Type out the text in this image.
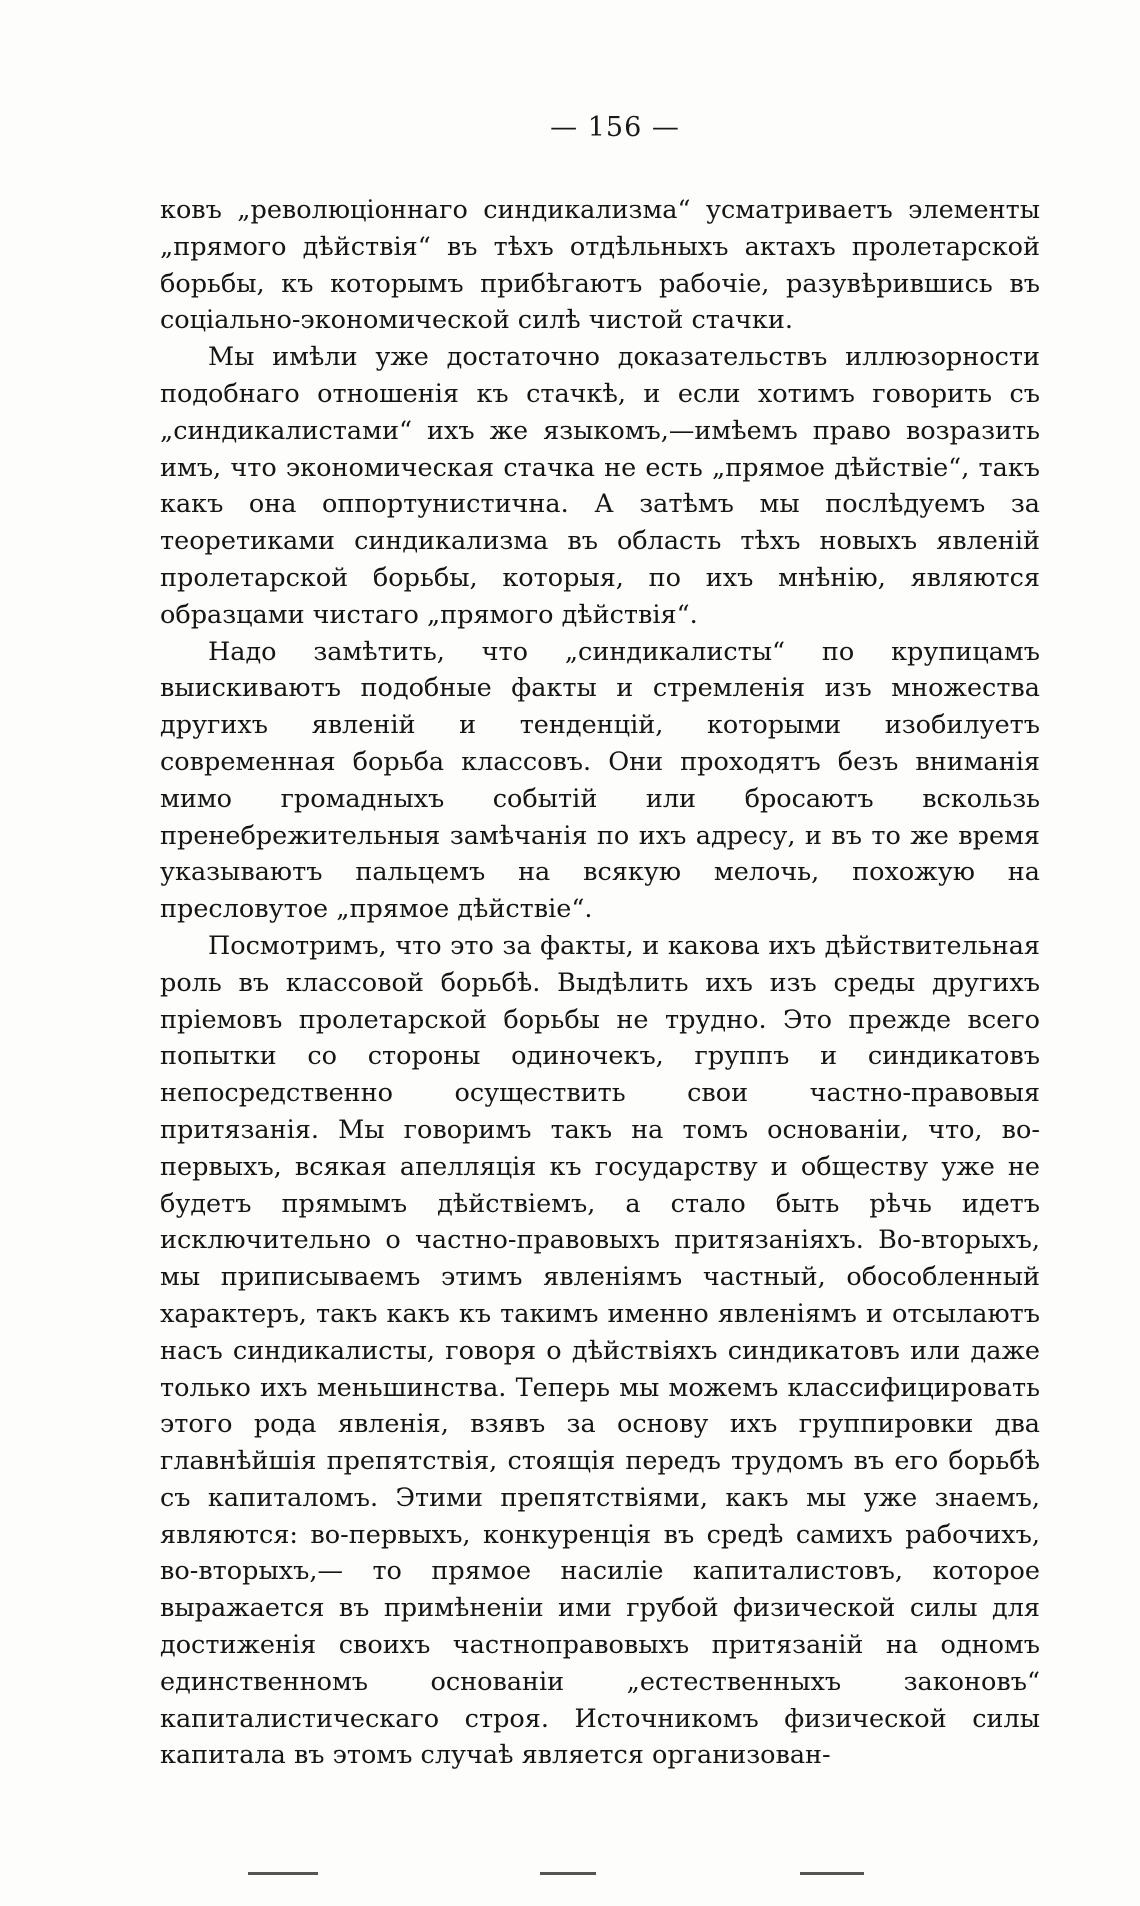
— 156 —

ковъ „революціоннаго синдикализма“ усматриваетъ элементы „прямого дѣйствія“ въ тѣхъ отдѣльныхъ актахъ пролетарской борьбы, къ которымъ прибѣгаютъ рабочіе, разувѣрившись въ соціально-экономической силѣ чистой стачки.

Мы имѣли уже достаточно доказательствъ иллюзорности подобнаго отношенія къ стачкѣ, и если хотимъ говорить съ „синдикалистами“ ихъ же языкомъ,—имѣемъ право возразить имъ, что экономическая стачка не есть „прямое дѣйствіе“, такъ какъ она оппортунистична. А затѣмъ мы послѣдуемъ за теоретиками синдикализма въ область тѣхъ новыхъ явленій пролетарской борьбы, которыя, по ихъ мнѣнію, являются образцами чистаго „прямого дѣйствія“.

Надо замѣтить, что „синдикалисты“ по крупицамъ выискиваютъ подобные факты и стремленія изъ множества другихъ явленій и тенденцій, которыми изобилуетъ современная борьба классовъ. Они проходятъ безъ вниманія мимо громадныхъ событій или бросаютъ вскользь пренебрежительныя замѣчанія по ихъ адресу, и въ то же время указываютъ пальцемъ на всякую мелочь, похожую на пресловутое „прямое дѣйствіе“.

Посмотримъ, что это за факты, и какова ихъ дѣйствительная роль въ классовой борьбѣ. Выдѣлить ихъ изъ среды другихъ пріемовъ пролетарской борьбы не трудно. Это прежде всего попытки со стороны одиночекъ, группъ и синдикатовъ непосредственно осуществить свои частно-правовыя притязанія. Мы говоримъ такъ на томъ основаніи, что, во-первыхъ, всякая апелляція къ государству и обществу уже не будетъ прямымъ дѣйствіемъ, а стало быть рѣчь идетъ исключительно о частно-правовыхъ притязаніяхъ. Во-вторыхъ, мы приписываемъ этимъ явленіямъ частный, обособленный характеръ, такъ какъ къ такимъ именно явленіямъ и отсылаютъ насъ синдикалисты, говоря о дѣйствіяхъ синдикатовъ или даже только ихъ меньшинства. Теперь мы можемъ классифицировать этого рода явленія, взявъ за основу ихъ группировки два главнѣйшія препятствія, стоящія передъ трудомъ въ его борьбѣ съ капиталомъ. Этими препятствіями, какъ мы уже знаемъ, являются: во-первыхъ, конкуренція въ средѣ самихъ рабочихъ, во-вторыхъ,— то прямое насиліе капиталистовъ, которое выражается въ примѣненіи ими грубой физической силы для достиженія своихъ частноправовыхъ притязаній на одномъ единственномъ основаніи „естественныхъ законовъ“ капиталистическаго строя. Источникомъ физической силы капитала въ этомъ случаѣ является организован-
